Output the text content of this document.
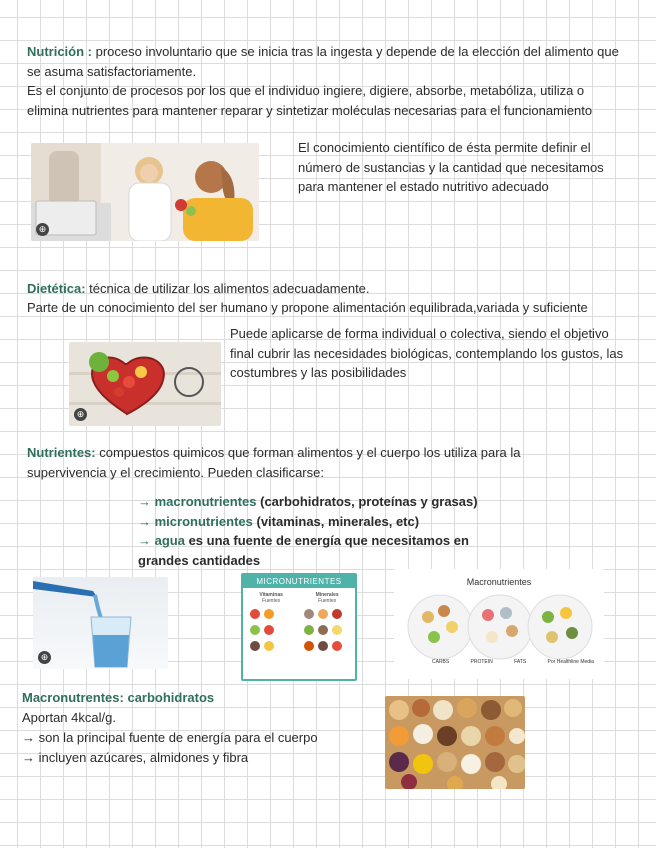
Nutrición : proceso involuntario que se inicia tras la ingesta y depende de la elección del alimento que se asuma satisfactoriamente.
Es el conjunto de procesos por los que el individuo ingiere, digiere, absorbe, metabóliza, utiliza o elimina nutrientes para mantener reparar y sintetizar moléculas necesarias para el funcionamiento
⊕
El conocimiento científico de ésta permite definir el número de sustancias y la cantidad que necesitamos para mantener el estado nutritivo adecuado
Dietética: técnica de utilizar los alimentos adecuadamente.
Parte de un conocimiento del ser humano y propone alimentación equilibrada,variada y suficiente
⊕
Puede aplicarse de forma individual o colectiva, siendo el objetivo final cubrir las necesidades biológicas, contemplando los gustos, las costumbres y las posibilidades
Nutrientes: compuestos quimicos que forman alimentos y el cuerpo los utiliza para la supervivencia y el crecimiento. Pueden clasificarse:
→ macronutrientes (carbohidratos, proteínas y grasas)
→ micronutrientes (vitaminas, minerales, etc)
→ agua es una fuente de energía que necesitamos en grandes cantidades
⊕
MICRONUTRIENTES
Vitaminas
Fuentes
Minerales
Fuentes
Macronutrientes
CARBS	PROTEIN	FATS	Por Healthline Media
Macronutrentes: carbohidratos
Aportan 4kcal/g.
→ son la principal fuente de energía para el cuerpo
→ incluyen azúcares, almidones y fibra
